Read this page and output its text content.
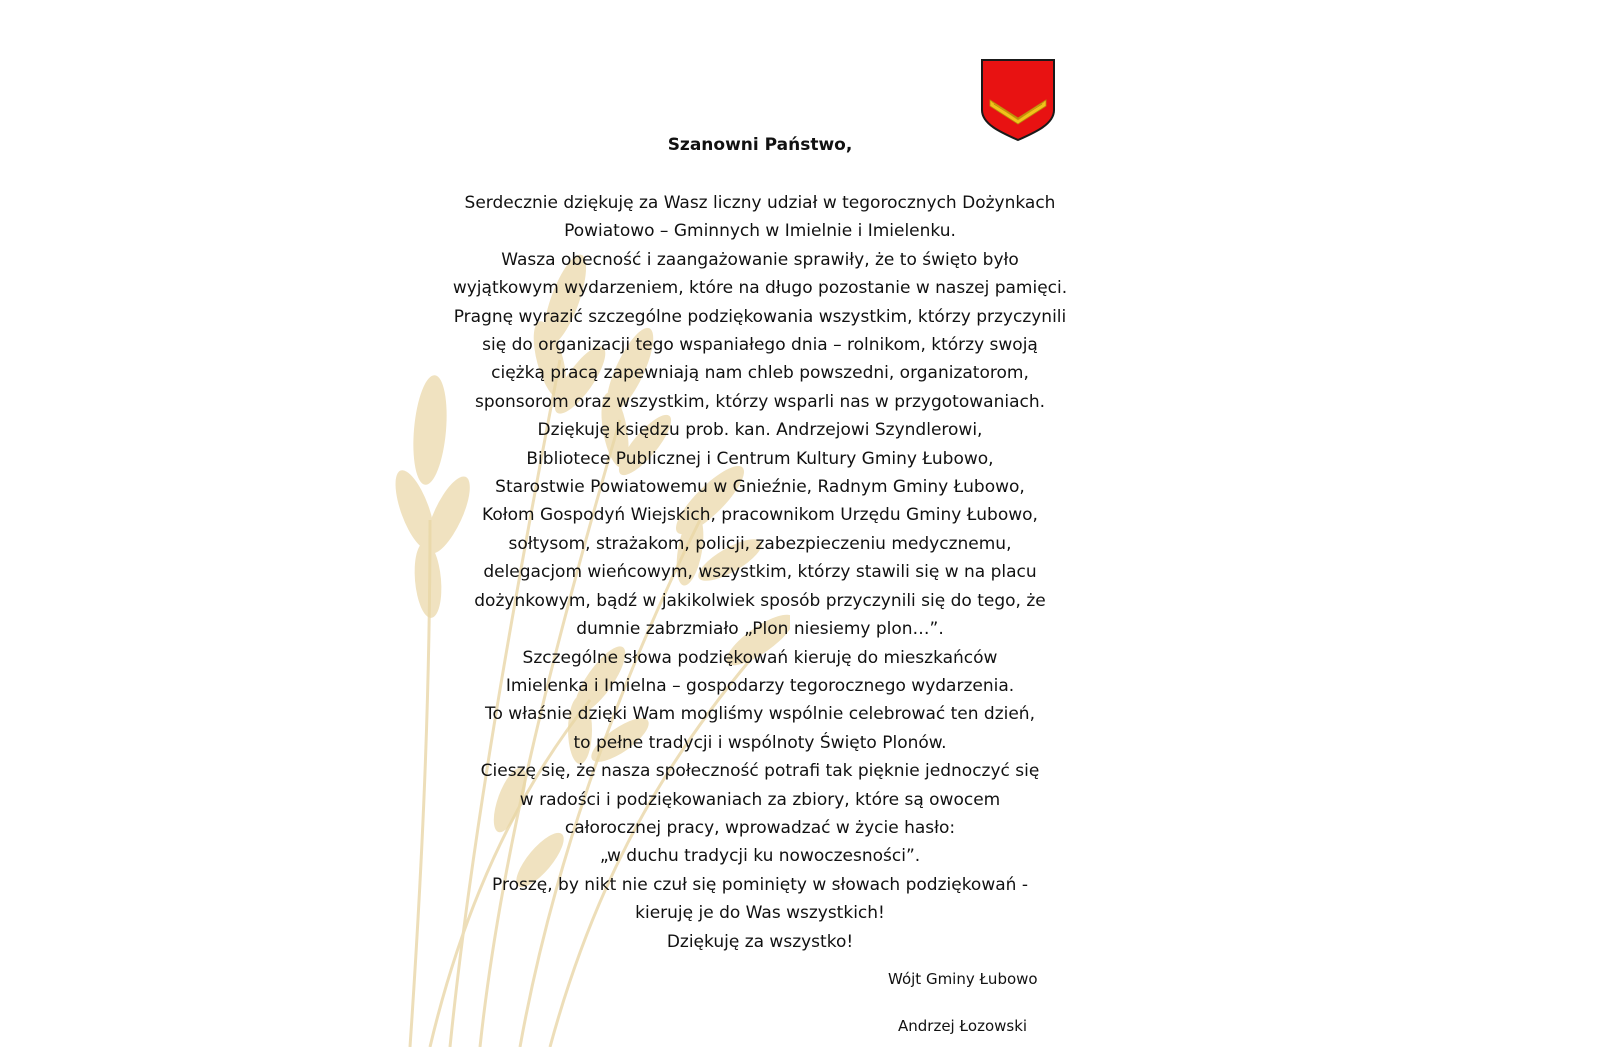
Szanowni Państwo,

Serdecznie dziękuję za Wasz liczny udział w tegorocznych Dożynkach

Powiatowo – Gminnych w Imielnie i Imielenku.

Wasza obecność i zaangażowanie sprawiły, że to święto było

wyjątkowym wydarzeniem, które na długo pozostanie w naszej pamięci.

Pragnę wyrazić szczególne podziękowania wszystkim, którzy przyczynili

się do organizacji tego wspaniałego dnia – rolnikom, którzy swoją

ciężką pracą zapewniają nam chleb powszedni, organizatorom,

sponsorom oraz wszystkim, którzy wsparli nas w przygotowaniach.

Dziękuję księdzu prob. kan. Andrzejowi Szyndlerowi,

Bibliotece Publicznej i Centrum Kultury Gminy Łubowo,

Starostwie Powiatowemu w Gnieźnie, Radnym Gminy Łubowo,

Kołom Gospodyń Wiejskich, pracownikom Urzędu Gminy Łubowo,

sołtysom, strażakom, policji, zabezpieczeniu medycznemu,

delegacjom wieńcowym, wszystkim, którzy stawili się w na placu

dożynkowym, bądź w jakikolwiek sposób przyczynili się do tego, że

dumnie zabrzmiało „Plon niesiemy plon…”.

Szczególne słowa podziękowań kieruję do mieszkańców

Imielenka i Imielna – gospodarzy tegorocznego wydarzenia.

To właśnie dzięki Wam mogliśmy wspólnie celebrować ten dzień,

to pełne tradycji i wspólnoty Święto Plonów.

Cieszę się, że nasza społeczność potrafi tak pięknie jednoczyć się

w radości i podziękowaniach za zbiory, które są owocem

całorocznej pracy, wprowadzać w życie hasło:

„w duchu tradycji ku nowoczesności”.

Proszę, by nikt nie czuł się pominięty w słowach podziękowań -

kieruję je do Was wszystkich!

Dziękuję za wszystko!

Wójt Gminy Łubowo
Andrzej Łozowski
